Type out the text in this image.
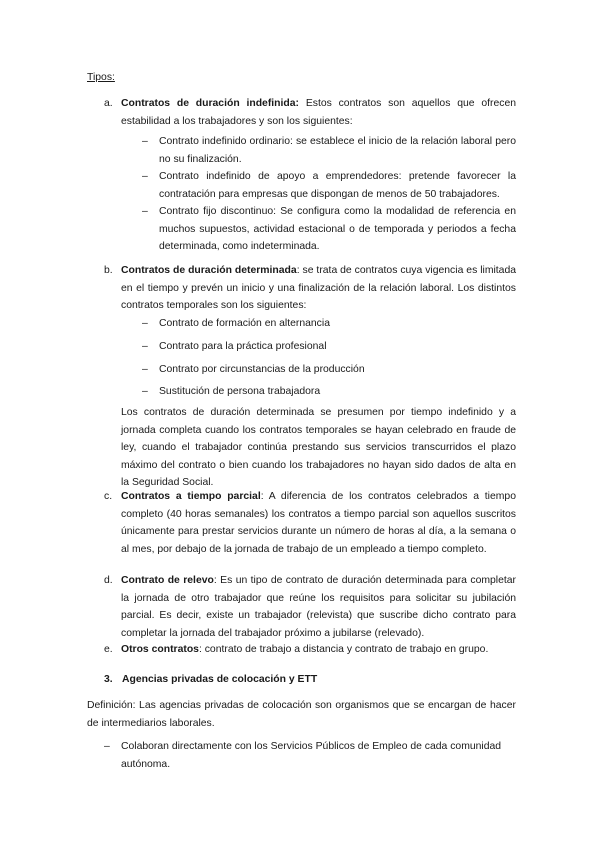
Tipos:
a. Contratos de duración indefinida: Estos contratos son aquellos que ofrecen estabilidad a los trabajadores y son los siguientes:
– Contrato indefinido ordinario: se establece el inicio de la relación laboral pero no su finalización.
– Contrato indefinido de apoyo a emprendedores: pretende favorecer la contratación para empresas que dispongan de menos de 50 trabajadores.
– Contrato fijo discontinuo: Se configura como la modalidad de referencia en muchos supuestos, actividad estacional o de temporada y periodos a fecha determinada, como indeterminada.
b. Contratos de duración determinada: se trata de contratos cuya vigencia es limitada en el tiempo y prevén un inicio y una finalización de la relación laboral. Los distintos contratos temporales son los siguientes:
– Contrato de formación en alternancia
– Contrato para la práctica profesional
– Contrato por circunstancias de la producción
– Sustitución de persona trabajadora
Los contratos de duración determinada se presumen por tiempo indefinido y a jornada completa cuando los contratos temporales se hayan celebrado en fraude de ley, cuando el trabajador continúa prestando sus servicios transcurridos el plazo máximo del contrato o bien cuando los trabajadores no hayan sido dados de alta en la Seguridad Social.
c. Contratos a tiempo parcial: A diferencia de los contratos celebrados a tiempo completo (40 horas semanales) los contratos a tiempo parcial son aquellos suscritos únicamente para prestar servicios durante un número de horas al día, a la semana o al mes, por debajo de la jornada de trabajo de un empleado a tiempo completo.
d. Contrato de relevo: Es un tipo de contrato de duración determinada para completar la jornada de otro trabajador que reúne los requisitos para solicitar su jubilación parcial. Es decir, existe un trabajador (relevista) que suscribe dicho contrato para completar la jornada del trabajador próximo a jubilarse (relevado).
e. Otros contratos: contrato de trabajo a distancia y contrato de trabajo en grupo.
3. Agencias privadas de colocación y ETT
Definición: Las agencias privadas de colocación son organismos que se encargan de hacer de intermediarios laborales.
– Colaboran directamente con los Servicios Públicos de Empleo de cada comunidad autónoma.
